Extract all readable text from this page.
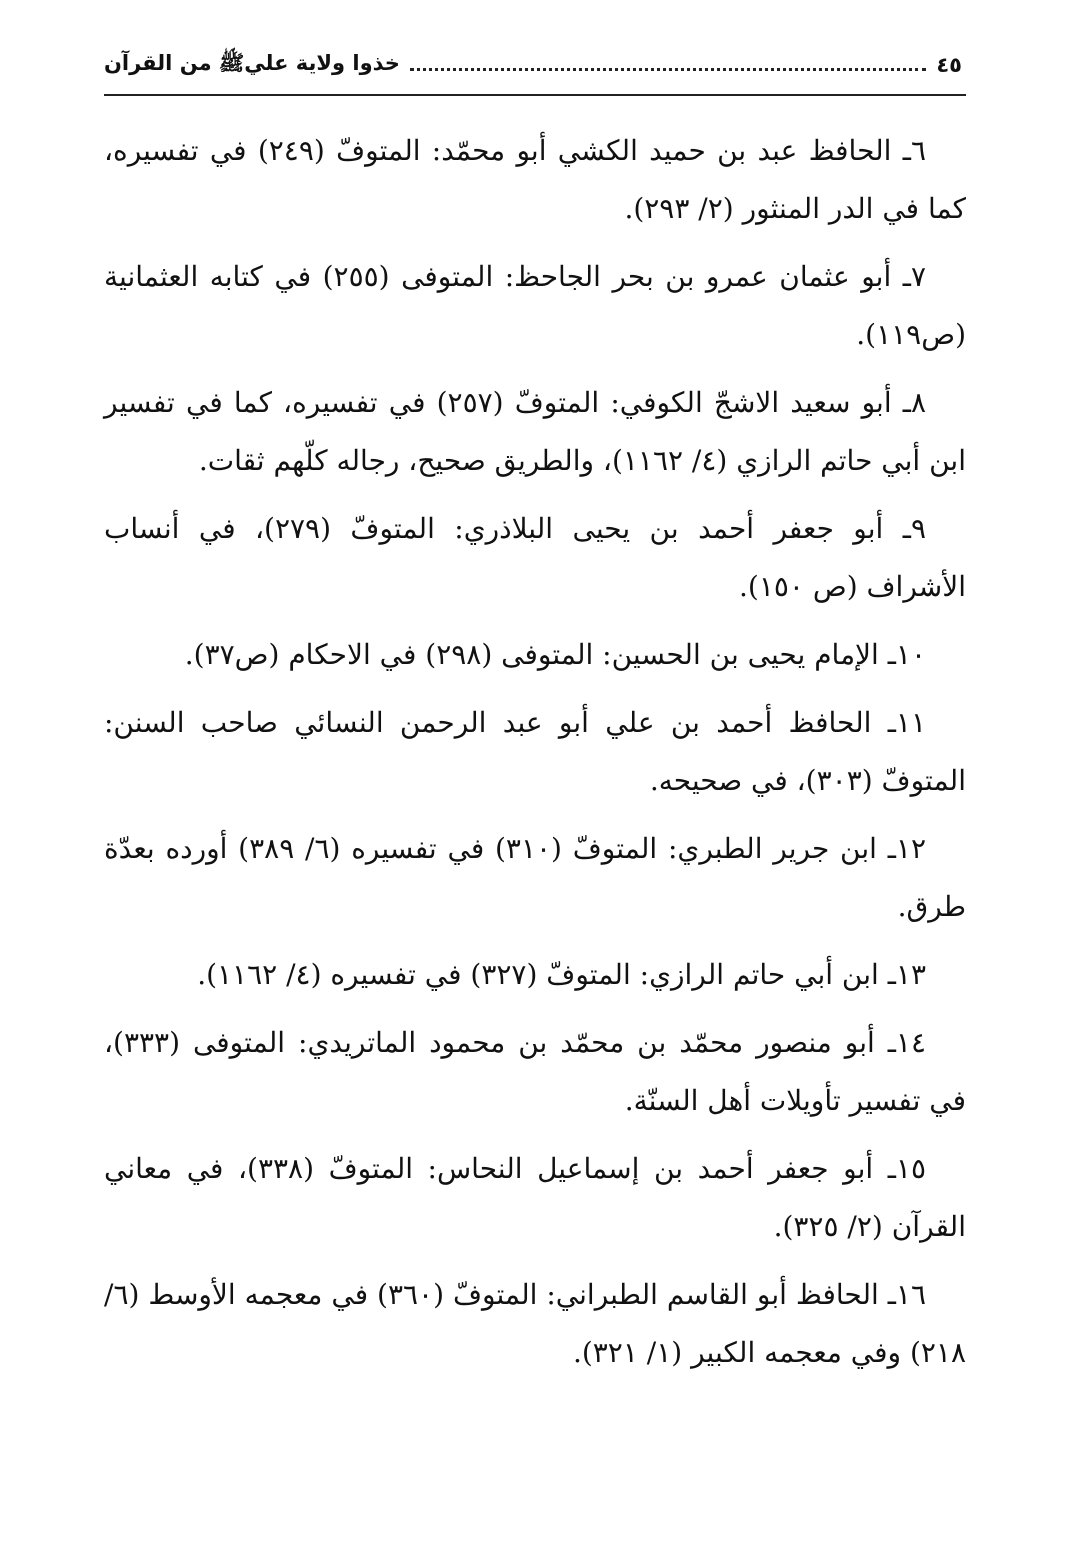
٤٥
خذوا ولاية عليﷺ من القرآن

٦ـ الحافظ عبد بن حميد الكشي أبو محمّد: المتوفّ (٢٤٩) في تفسيره، كما في الدر المنثور (٢/ ٢٩٣).

٧ـ أبو عثمان عمرو بن بحر الجاحظ: المتوفى (٢٥٥) في كتابه العثمانية (ص١١٩).

٨ـ أبو سعيد الاشجّ الكوفي: المتوفّ (٢٥٧) في تفسيره، كما في تفسير ابن أبي حاتم الرازي (٤/ ١١٦٢)، والطريق صحيح، رجاله كلّهم ثقات.

٩ـ أبو جعفر أحمد بن يحيى البلاذري: المتوفّ (٢٧٩)، في أنساب الأشراف (ص ١٥٠).

١٠ـ الإمام يحيى بن الحسين: المتوفى (٢٩٨) في الاحكام (ص٣٧).

١١ـ الحافظ أحمد بن علي أبو عبد الرحمن النسائي صاحب السنن: المتوفّ (٣٠٣)، في صحيحه.

١٢ـ ابن جرير الطبري: المتوفّ (٣١٠) في تفسيره (٦/ ٣٨٩) أورده بعدّة طرق.

١٣ـ ابن أبي حاتم الرازي: المتوفّ (٣٢٧) في تفسيره (٤/ ١١٦٢).

١٤ـ أبو منصور محمّد بن محمّد بن محمود الماتريدي: المتوفى (٣٣٣)، في تفسير تأويلات أهل السنّة.

١٥ـ أبو جعفر أحمد بن إسماعيل النحاس: المتوفّ (٣٣٨)، في معاني القرآن (٢/ ٣٢٥).

١٦ـ الحافظ أبو القاسم الطبراني: المتوفّ (٣٦٠) في معجمه الأوسط (٦/ ٢١٨) وفي معجمه الكبير (١/ ٣٢١).
